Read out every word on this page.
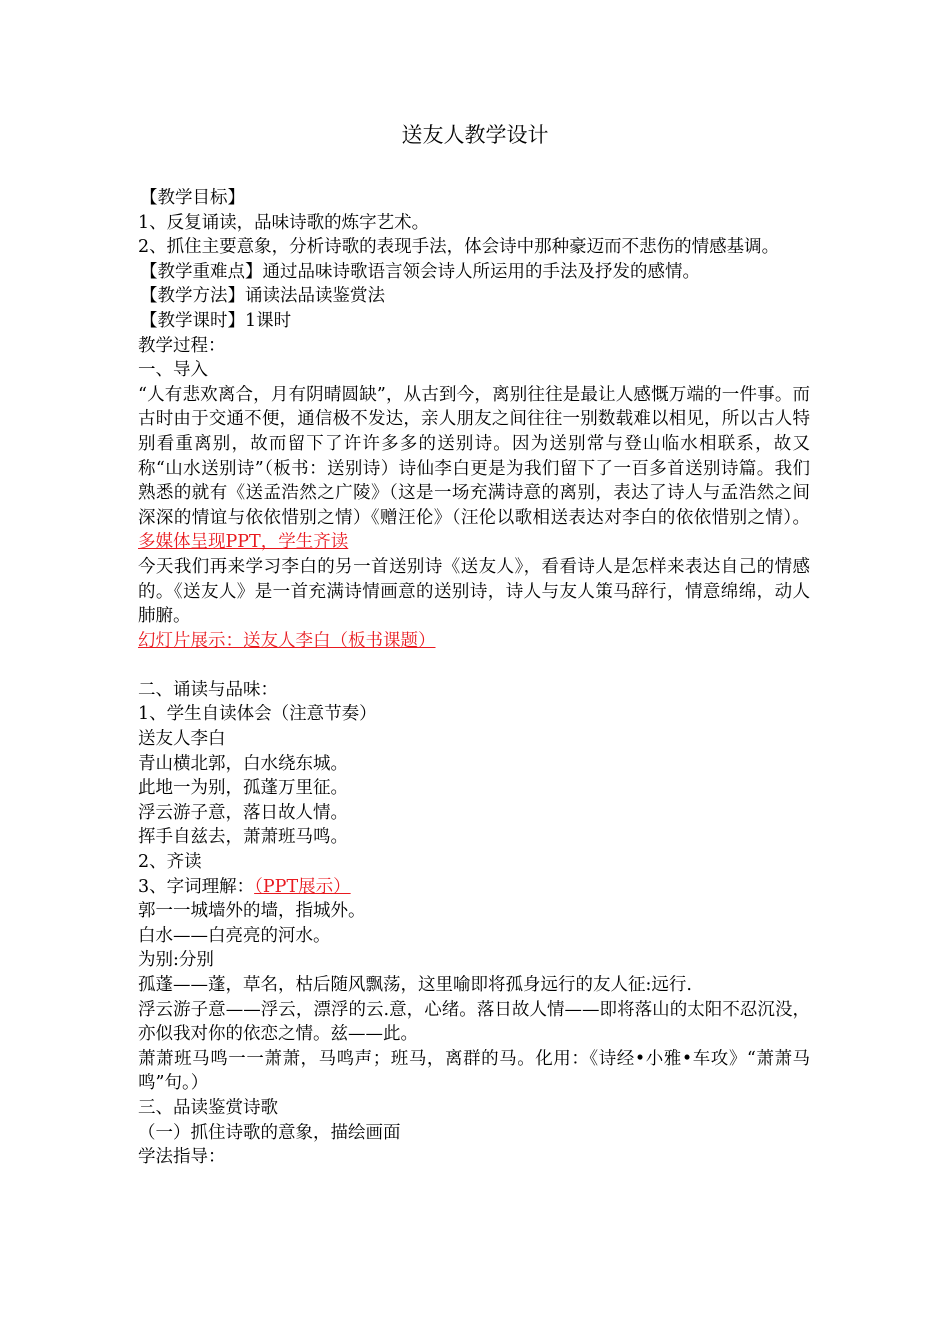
送友人教学设计
【教学目标】
1、反复诵读，品味诗歌的炼字艺术。
2、抓住主要意象，分析诗歌的表现手法，体会诗中那种豪迈而不悲伤的情感基调。
【教学重难点】通过品味诗歌语言领会诗人所运用的手法及抒发的感情。
【教学方法】诵读法品读鉴赏法
【教学课时】1课时
教学过程：
一、导入
“人有悲欢离合，月有阴晴圆缺”，从古到今，离别往往是最让人感慨万端的一件事。而古时由于交通不便，通信极不发达，亲人朋友之间往往一别数载难以相见，所以古人特别看重离别，故而留下了许许多多的送别诗。因为送别常与登山临水相联系，故又称“山水送别诗”（板书：送别诗）诗仙李白更是为我们留下了一百多首送别诗篇。我们熟悉的就有《送孟浩然之广陵》（这是一场充满诗意的离别，表达了诗人与孟浩然之间深深的情谊与依依惜别之情）《赠汪伦》（汪伦以歌相送表达对李白的依依惜别之情）。多媒体呈现PPT，学生齐读
今天我们再来学习李白的另一首送别诗《送友人》，看看诗人是怎样来表达自己的情感的。《送友人》是一首充满诗情画意的送别诗，诗人与友人策马辞行，情意绵绵，动人肺腑。
幻灯片展示：送友人李白（板书课题）
二、诵读与品味：
1、学生自读体会（注意节奏）
送友人李白
青山横北郭，白水绕东城。
此地一为别，孤蓬万里征。
浮云游子意，落日故人情。
挥手自兹去，萧萧班马鸣。
2、齐读
3、字词理解：（PPT展示）
郭一一城墙外的墙，指城外。
白水——白亮亮的河水。
为别:分别
孤蓬——蓬，草名，枯后随风飘荡，这里喻即将孤身远行的友人征:远行.
浮云游子意——浮云，漂浮的云.意，心绪。落日故人情——即将落山的太阳不忍沉没，亦似我对你的依恋之情。兹——此。
萧萧班马鸣一一萧萧，马鸣声；班马，离群的马。化用：《诗经•小雅•车攻》“萧萧马鸣”句。）
三、品读鉴赏诗歌
（一）抓住诗歌的意象，描绘画面
学法指导：
